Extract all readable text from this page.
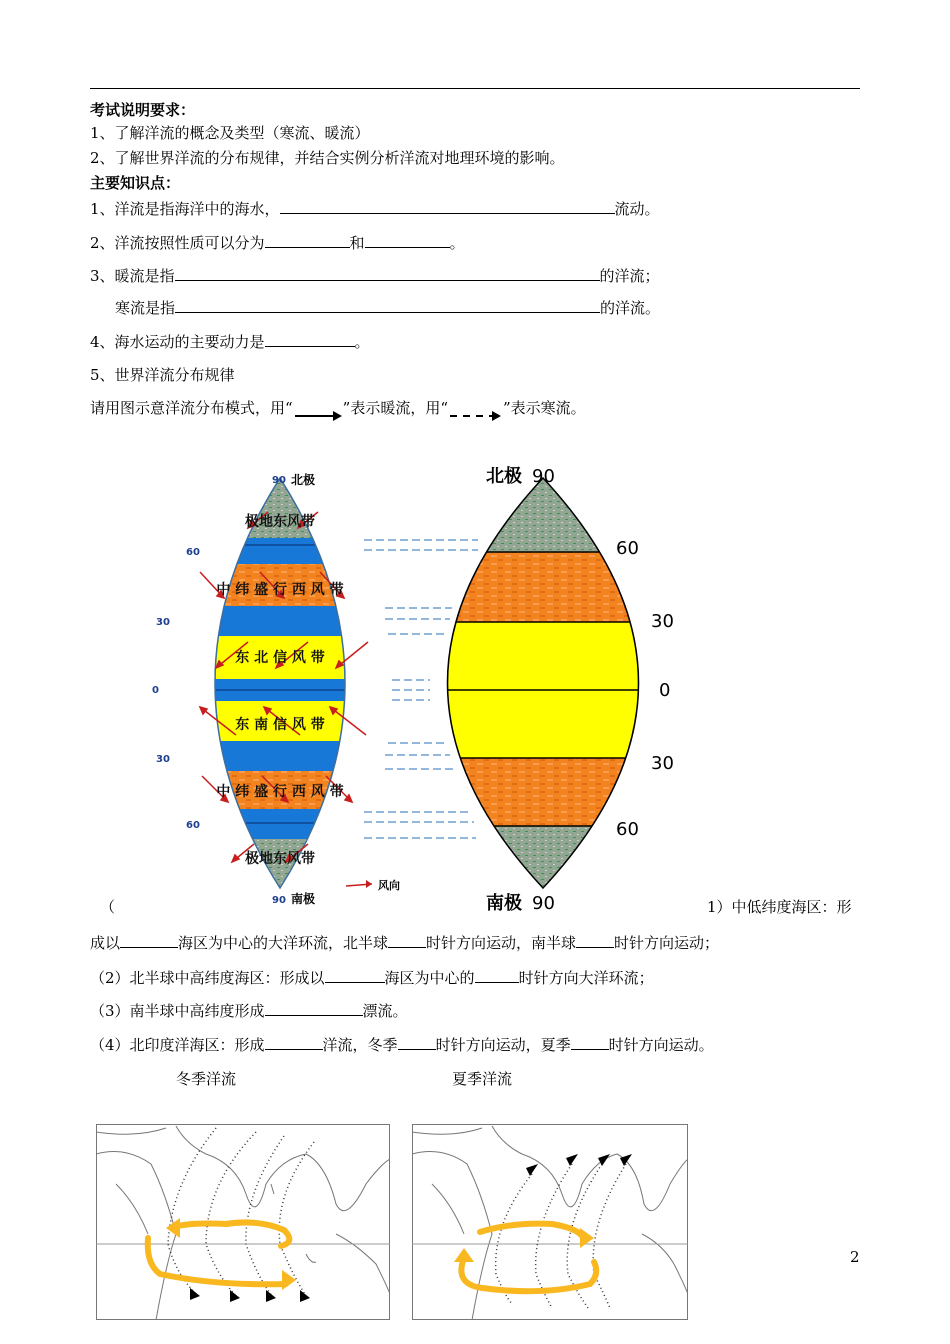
考试说明要求：
1、了解洋流的概念及类型（寒流、暖流）
2、了解世界洋流的分布规律，并结合实例分析洋流对地理环境的影响。
主要知识点：
1、洋流是指海洋中的海水，	流动。
2、洋流按照性质可以分为	和	。
3、暖流是指	的洋流；
寒流是指	的洋流。
4、海水运动的主要动力是	。
5、世界洋流分布规律
请用图示意洋流分布模式，用“	”表示暖流，用“	”表示寒流。
极地东风带
中 纬 盛 行 西 风 带
东 北 信 风 带
东 南 信 风 带
中 纬 盛 行 西 风 带
极地东风带
90
60
30
0
30
60
90
北极
南极
风向
北极 90
60
30
0
30
60
南极 90
（	1）中低纬度海区：形
成以	海区为中心的大洋环流，北半球	时针方向运动，南半球	时针方向运动；
（2）北半球中高纬度海区：形成以	海区为中心的	时针方向大洋环流；
（3）南半球中高纬度形成	漂流。
（4）北印度洋海区：形成	洋流，冬季	时针方向运动，夏季	时针方向运动。
冬季洋流	夏季洋流
2
